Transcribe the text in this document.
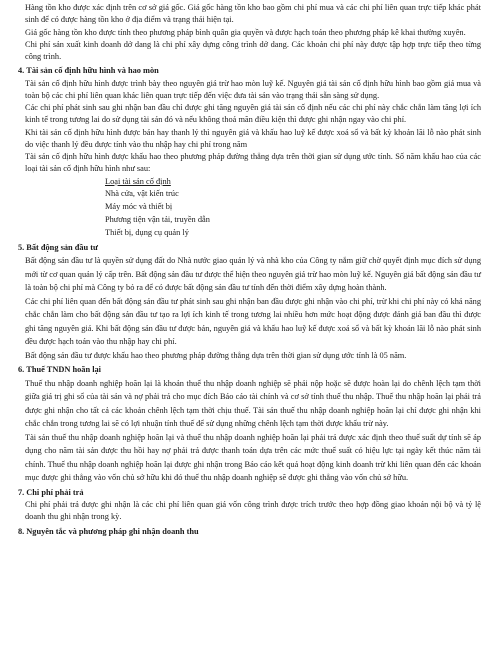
Hàng tồn kho được xác định trên cơ sở giá gốc. Giá gốc hàng tồn kho bao gồm chi phí mua và các chi phí liên quan trực tiếp khác phát sinh để có được hàng tồn kho ở địa điểm và trạng thái hiện tại.

Giá gốc hàng tồn kho được tính theo phương pháp bình quân gia quyền và được hạch toán theo phương pháp kê khai thường xuyên.

Chi phí sản xuất kinh doanh dở dang là chi phí xây dựng công trình dở dang. Các khoản chi phí này được tập hợp trực tiếp theo từng công trình.

4. Tài sản cố định hữu hình và hao mòn

Tài sản cố định hữu hình được trình bày theo nguyên giá trừ hao mòn luỹ kế. Nguyên giá tài sản cố định hữu hình bao gồm giá mua và toàn bộ các chi phí liên quan khác liên quan trực tiếp đến việc đưa tài sản vào trạng thái sẵn sàng sử dụng.

Các chi phí phát sinh sau ghi nhận ban đầu chỉ được ghi tăng nguyên giá tài sản cố định nếu các chi phí này chắc chắn làm tăng lợi ích kinh tế trong tương lai do sử dụng tài sản đó và nếu không thoả mãn điều kiện thì được ghi nhận ngay vào chi phí.

Khi tài sản cố định hữu hình được bán hay thanh lý thì nguyên giá và khấu hao luỹ kế được xoá sổ và bất kỳ khoản lãi lỗ nào phát sinh do việc thanh lý đều được tính vào thu nhập hay chi phí trong năm

Tài sản cố định hữu hình được khấu hao theo phương pháp đường thẳng dựa trên thời gian sử dụng ước tính. Số năm khấu hao của các loại tài sản cố định hữu hình như sau:

Loại tài sản cố định
Nhà cửa, vật kiến trúc
Máy móc và thiết bị
Phương tiện vận tải, truyền dẫn
Thiết bị, dụng cụ quản lý

5. Bất động sản đầu tư

Bất động sản đầu tư là quyền sử dụng đất do Nhà nước giao quản lý và nhà kho của Công ty nắm giữ chờ quyết định mục đích sử dụng mới từ cơ quan quản lý cấp trên. Bất động sản đầu tư được thể hiện theo nguyên giá trừ hao mòn luỹ kế. Nguyên giá bất động sản đầu tư là toàn bộ chi phí mà Công ty bỏ ra để có được bất động sản đầu tư tính đến thời điểm xây dựng hoàn thành.

Các chi phí liên quan đến bất động sản đầu tư phát sinh sau ghi nhận ban đầu được ghi nhận vào chi phí, trừ khi chi phí này có khả năng chắc chắn làm cho bất động sản đầu tư tạo ra lợi ích kinh tế trong tương lai nhiều hơn mức hoạt động được đánh giá ban đầu thì được ghi tăng nguyên giá. Khi bất động sản đầu tư được bán, nguyên giá và khấu hao luỹ kế được xoá sổ và bất kỳ khoản lãi lỗ nào phát sinh đều được hạch toán vào thu nhập hay chi phí.

Bất động sản đầu tư được khấu hao theo phương pháp đường thẳng dựa trên thời gian sử dụng ước tính là 05 năm.

6. Thuế TNDN hoãn lại

Thuế thu nhập doanh nghiệp hoãn lại là khoản thuế thu nhập doanh nghiệp sẽ phải nộp hoặc sẽ được hoàn lại do chênh lệch tạm thời giữa giá trị ghi sổ của tài sản và nợ phải trả cho mục đích Báo cáo tài chính và cơ sở tính thuế thu nhập. Thuế thu nhập hoãn lại phải trả được ghi nhận cho tất cả các khoản chênh lệch tạm thời chịu thuế. Tài sản thuế thu nhập doanh nghiệp hoãn lại chỉ được ghi nhận khi chắc chắn trong tương lai sẽ có lợi nhuận tính thuế để sử dụng những chênh lệch tạm thời được khấu trừ này.

Tài sản thuế thu nhập doanh nghiệp hoãn lại và thuế thu nhập doanh nghiệp hoãn lại phải trả được xác định theo thuế suất dự tính sẽ áp dụng cho năm tài sản được thu hồi hay nợ phải trả được thanh toán dựa trên các mức thuế suất có hiệu lực tại ngày kết thúc năm tài chính. Thuế thu nhập doanh nghiệp hoãn lại được ghi nhận trong Báo cáo kết quả hoạt động kinh doanh trừ khi liên quan đến các khoản mục được ghi thẳng vào vốn chủ sở hữu khi đó thuế thu nhập doanh nghiệp sẽ được ghi thẳng vào vốn chủ sở hữu.

7. Chi phí phải trả

Chi phí phải trả được ghi nhận là các chi phí liên quan giá vốn công trình được trích trước theo hợp đồng giao khoán nội bộ và tỷ lệ doanh thu ghi nhận trong kỳ.

8. Nguyên tắc và phương pháp ghi nhận doanh thu
